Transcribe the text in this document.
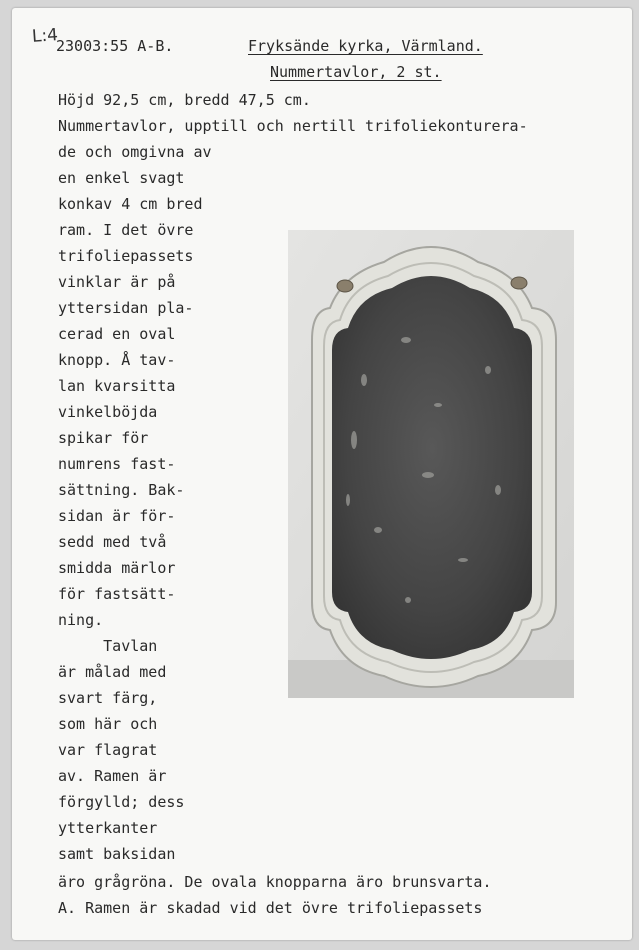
L:4
23003:55 A-B.	Fryksände kyrka, Värmland.
Nummertavlor, 2 st.
Höjd 92,5 cm, bredd 47,5 cm.
Nummertavlor, upptill och nertill trifoliekonturera-
de och omgivna av
en enkel svagt
konkav 4 cm bred
ram. I det övre
trifoliepassets
vinklar är på
yttersidan pla-
cerad en oval
knopp. Å tav-
lan kvarsitta
vinkelböjda
spikar för
numrens fast-
sättning. Bak-
sidan är för-
sedd med två
smidda märlor
för fastsätt-
ning.
Tavlan
är målad med
svart färg,
som här och
var flagrat
av. Ramen är
förgylld; dess
ytterkanter
samt baksidan
äro grågröna. De ovala knopparna äro brunsvarta.
A. Ramen är skadad vid det övre trifoliepassets
